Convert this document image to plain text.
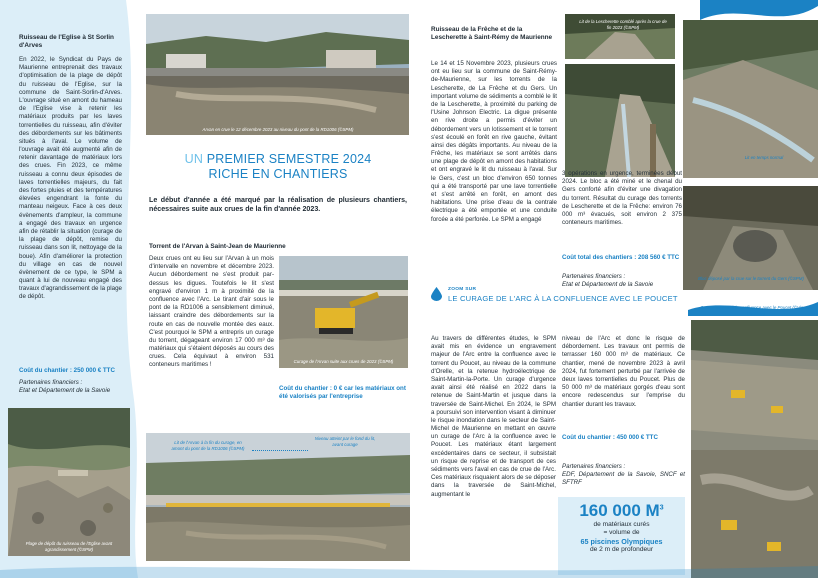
Ruisseau de l'Eglise à St Sorlin d'Arves
En 2022, le Syndicat du Pays de Maurienne entreprenait des travaux d'optimisation de la plage de dépôt du ruisseau de l'Eglise, sur la commune de Saint-Sorlin-d'Arves. L'ouvrage situé en amont du hameau de l'Eglise vise à retenir les matériaux produits par les laves torrentielles du ruisseau, afin d'éviter des débordements sur les bâtiments situés à l'aval. Le volume de l'ouvrage avait été augmenté afin de retenir davantage de matériaux lors des crues. Fin 2023, ce même ruisseau a connu deux épisodes de laves torrentielles majeurs, du fait des fortes pluies et des températures élevées engendrant la fonte du manteau neigeux. Face à ces deux évènements d'ampleur, la commune a engagé des travaux en urgence afin de rétablir la situation (curage de la plage de dépôt, remise du ruisseau dans son lit, nettoyage de la boue). Afin d'améliorer la protection du village en cas de nouvel évènement de ce type, le SPM a quant à lui de nouveau engagé des travaux d'agrandissement de la plage de dépôt.
Coût du chantier : 250 000 € TTC
Partenaires financiers :
Etat et Département de la Savoie
Plage de dépôt du ruisseau de l'Eglise avant agrandissement (©SPM)
Arvan en crue le 12 décembre 2023 au niveau du pont de la RD1006 (©SPM)
UN PREMIER SEMESTRE 2024
RICHE EN CHANTIERS
Le début d'année a été marqué par la réalisation de plusieurs chantiers, nécessaires suite aux crues de la fin d'année 2023.
Torrent de l'Arvan à Saint-Jean de Maurienne
Deux crues ont eu lieu sur l'Arvan à un mois d'intervalle en novembre et décembre 2023. Aucun débordement ne s'est produit par-dessus les digues. Toutefois le lit s'est engravé d'environ 1 m à proximité de la confluence avec l'Arc. Le tirant d'air sous le pont de la RD1006 a sensiblement diminué, laissant craindre des débordements sur la route en cas de nouvelle montée des eaux. C'est pourquoi le SPM a entrepris un curage du torrent, dégageant environ 17 000 m³ de matériaux qui s'étaient déposés au cours des crues. Cela équivaut à environ 531 conteneurs maritimes !	Curage de l'Arvan suite aux crues de 2023 (©SPM)
Coût du chantier : 0 € car les matériaux ont été valorisés par l'entreprise
Lit de l'Arvan à la fin du curage, en amont du pont de la RD1006 (©SPM)
Niveau atteint par le fond du lit, avant curage
Ruisseau de la Frêche et de la Lescherette à Saint-Rémy de Maurienne
Le 14 et 15 Novembre 2023, plusieurs crues ont eu lieu sur la commune de Saint-Rémy-de-Maurienne, sur les torrents de la Lescherette, de La Frêche et du Gers. Un important volume de sédiments a comblé le lit de la Lescherette, à proximité du parking de l'Usine Johnson Electric. La digue présente en rive droite a permis d'éviter un débordement vers un lotissement et le torrent s'est écoulé en forêt en rive gauche, évitant ainsi des dégâts importants. Au niveau de la Frêche, les matériaux se sont arrêtés dans une plage de dépôt en amont des habitations et ont engravé le lit du ruisseau à l'aval. Sur le Gers, c'est un bloc d'environ 650 tonnes qui a été transporté par une lave torrentielle et s'est arrêté en forêt, en amont des habitations. Une prise d'eau de la centrale électrique a été emportée et une conduite forcée a été perforée. Le SPM a engagé
Lit de la Lescherette comblé après la crue de fin 2023 (©SPM)
Lit en temps normal
3 opérations en urgence, terminées début 2024. Le bloc a été miné et le chenal du Gers conforté afin d'éviter une divagation du torrent. Résultat du curage des torrents de Lescherette et de la Frêche: environ 76 000 m³ évacués, soit environ 2 375 conteneurs maritimes.
Coût total des chantiers : 208 560 € TTC
Partenaires financiers :
Etat et Département de la Savoie
Bloc déposé par la crue sur le torrent du Gers (©SPM)
ZOOM SUR
LE CURAGE DE L'ARC À LA CONFLUENCE AVEC LE POUCET
Au travers de différentes études, le SPM avait mis en évidence un engravement majeur de l'Arc entre la confluence avec le torrent du Poucet, au niveau de la commune d'Orelle, et la retenue hydroélectrique de Saint-Martin-la-Porte. Un curage d'urgence avait ainsi été réalisé en 2022 dans la retenue de Saint-Martin et jusque dans la traversée de Saint-Michel. En 2024, le SPM a poursuivi son intervention visant à diminuer le risque inondation dans le secteur de Saint-Michel de Maurienne en mettant en œuvre un curage de l'Arc à la confluence avec le Poucet. Les matériaux étant largement excédentaires dans ce secteur, il subsistait un risque de reprise et de transport de ces sédiments vers l'aval en cas de crue de l'Arc. Ces matériaux risquaient alors de se déposer dans la traversée de Saint-Michel, augmentant le
niveau de l'Arc et donc le risque de débordement. Les travaux ont permis de terrasser 160 000 m³ de matériaux. Ce chantier, mené de novembre 2023 à avril 2024, fut fortement perturbé par l'arrivée de deux laves torrentielles du Poucet. Plus de 50 000 m³ de matériaux gorgés d'eau sont encore redescendus sur l'emprise du chantier durant les travaux.
Coût du chantier : 450 000 € TTC
Partenaires financiers :
EDF, Département de la Savoie, SNCF et SFTRF
160 000 $M^3$
de matériaux curés
= volume de
65 piscines Olympiques
de 2 m de profondeur
Curage de l'Arc à la confluence avec le Poucet (©Vincent Boulnois)
